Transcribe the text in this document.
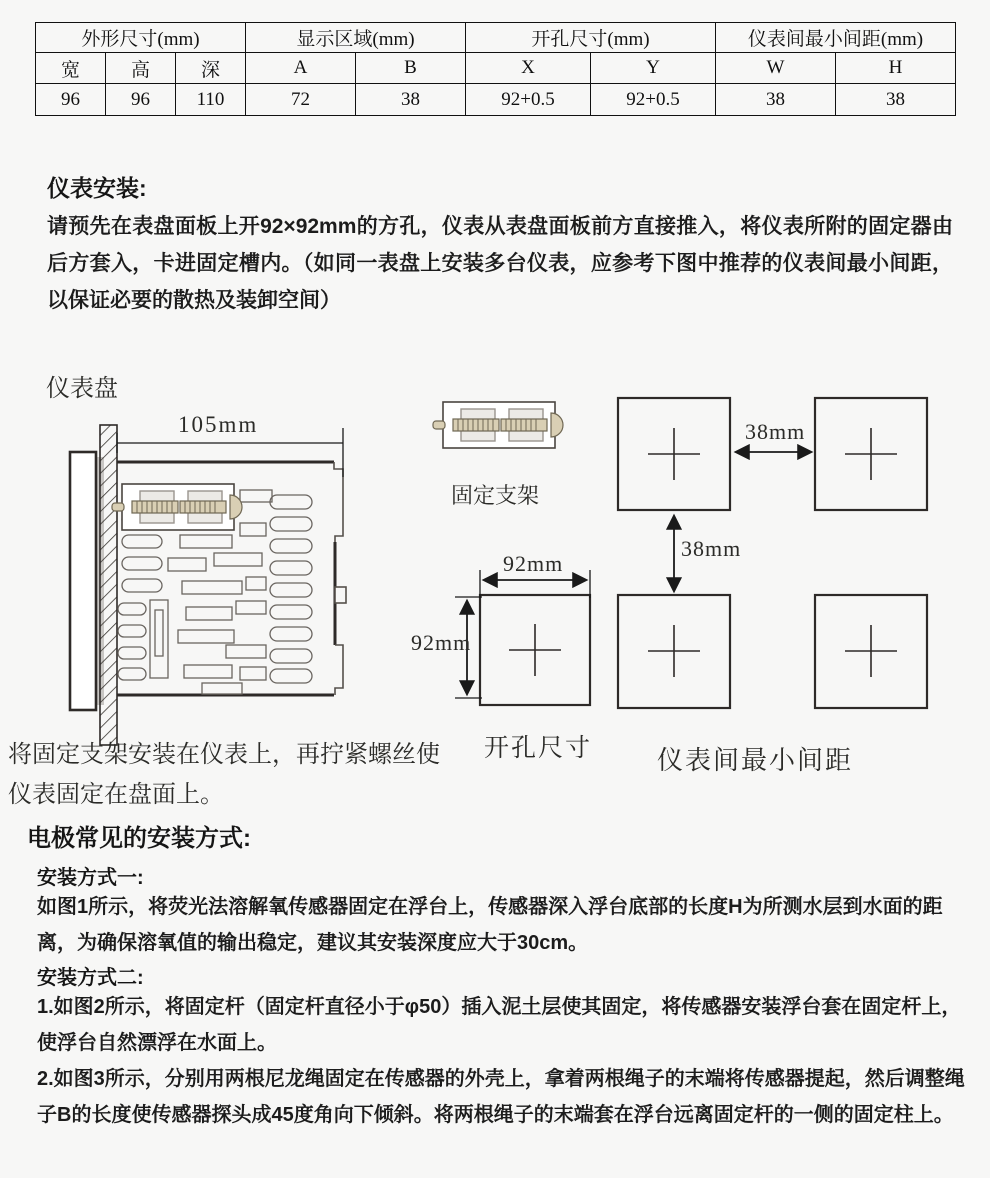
外形尺寸(mm)			显示区域(mm)		开孔尺寸(mm)		仪表间最小间距(mm)	
宽	高	深	A	B	X	Y	W	H
96	96	110	72	38	92+0.5	92+0.5	38	38
仪表安装:
请预先在表盘面板上开92×92mm的方孔，仪表从表盘面板前方直接推入，将仪表所附的固定器由后方套入，卡进固定槽内。（如同一表盘上安装多台仪表，应参考下图中推荐的仪表间最小间距，以保证必要的散热及装卸空间）
仪表盘
105mm
固定支架
92mm
92mm
开孔尺寸
38mm
38mm
仪表间最小间距
将固定支架安装在仪表上，再拧紧螺丝使仪表固定在盘面上。
电极常见的安装方式:
安装方式一:
如图1所示，将荧光法溶解氧传感器固定在浮台上，传感器深入浮台底部的长度H为所测水层到水面的距离，为确保溶氧值的输出稳定，建议其安装深度应大于30cm。
安装方式二:
1.如图2所示，将固定杆（固定杆直径小于φ50）插入泥土层使其固定，将传感器安装浮台套在固定杆上，使浮台自然漂浮在水面上。
2.如图3所示，分别用两根尼龙绳固定在传感器的外壳上，拿着两根绳子的末端将传感器提起，然后调整绳子B的长度使传感器探头成45度角向下倾斜。将两根绳子的末端套在浮台远离固定杆的一侧的固定柱上。
